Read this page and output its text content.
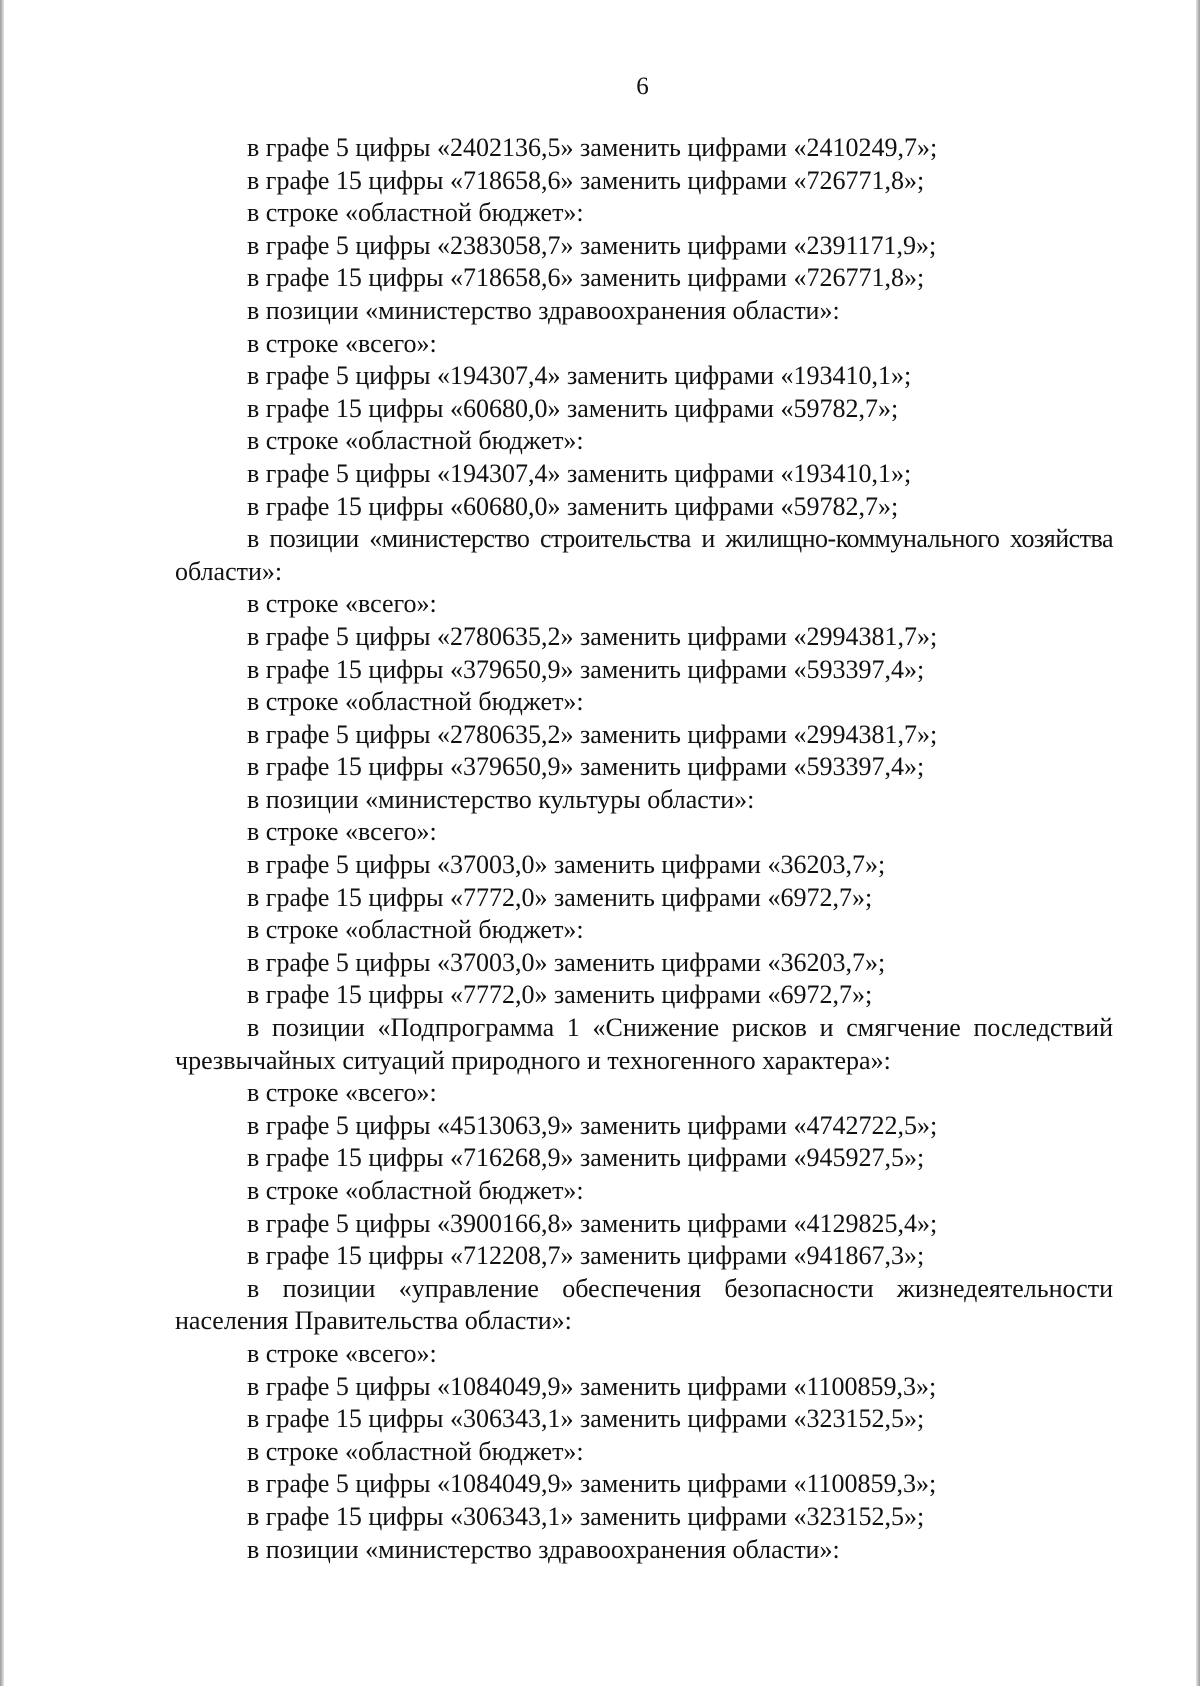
6
в графе 5 цифры «2402136,5» заменить цифрами «2410249,7»;
в графе 15 цифры «718658,6» заменить цифрами «726771,8»;
в строке «областной бюджет»:
в графе 5 цифры «2383058,7» заменить цифрами «2391171,9»;
в графе 15 цифры «718658,6» заменить цифрами «726771,8»;
в позиции «министерство здравоохранения области»:
в строке «всего»:
в графе 5 цифры «194307,4» заменить цифрами «193410,1»;
в графе 15 цифры «60680,0» заменить цифрами «59782,7»;
в строке «областной бюджет»:
в графе 5 цифры «194307,4» заменить цифрами «193410,1»;
в графе 15 цифры «60680,0» заменить цифрами «59782,7»;
в позиции «министерство строительства и жилищно-коммунального хозяйства
области»:
в строке «всего»:
в графе 5 цифры «2780635,2» заменить цифрами «2994381,7»;
в графе 15 цифры «379650,9» заменить цифрами «593397,4»;
в строке «областной бюджет»:
в графе 5 цифры «2780635,2» заменить цифрами «2994381,7»;
в графе 15 цифры «379650,9» заменить цифрами «593397,4»;
в позиции «министерство культуры области»:
в строке «всего»:
в графе 5 цифры «37003,0» заменить цифрами «36203,7»;
в графе 15 цифры «7772,0» заменить цифрами «6972,7»;
в строке «областной бюджет»:
в графе 5 цифры «37003,0» заменить цифрами «36203,7»;
в графе 15 цифры «7772,0» заменить цифрами «6972,7»;
в позиции «Подпрограмма 1 «Снижение рисков и смягчение последствий
чрезвычайных ситуаций природного и техногенного характера»:
в строке «всего»:
в графе 5 цифры «4513063,9» заменить цифрами «4742722,5»;
в графе 15 цифры «716268,9» заменить цифрами «945927,5»;
в строке «областной бюджет»:
в графе 5 цифры «3900166,8» заменить цифрами «4129825,4»;
в графе 15 цифры «712208,7» заменить цифрами «941867,3»;
в позиции «управление обеспечения безопасности жизнедеятельности
населения Правительства области»:
в строке «всего»:
в графе 5 цифры «1084049,9» заменить цифрами «1100859,3»;
в графе 15 цифры «306343,1» заменить цифрами «323152,5»;
в строке «областной бюджет»:
в графе 5 цифры «1084049,9» заменить цифрами «1100859,3»;
в графе 15 цифры «306343,1» заменить цифрами «323152,5»;
в позиции «министерство здравоохранения области»:
